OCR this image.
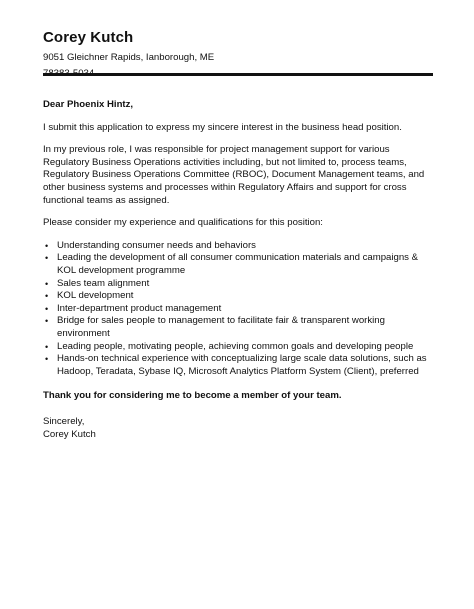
Corey Kutch
9051 Gleichner Rapids, Ianborough, ME
Dear Phoenix Hintz,

I submit this application to express my sincere interest in the business head position.

In my previous role, I was responsible for project management support for various Regulatory Business Operations activities including, but not limited to, process teams, Regulatory Business Operations Committee (RBOC), Document Management teams, and other business systems and processes within Regulatory Affairs and support for cross functional teams as assigned.

Please consider my experience and qualifications for this position:

• Understanding consumer needs and behaviors
• Leading the development of all consumer communication materials and campaigns & KOL development programme
• Sales team alignment
• KOL development
• Inter-department product management
• Bridge for sales people to management to facilitate fair & transparent working environment
• Leading people, motivating people, achieving common goals and developing people
• Hands-on technical experience with conceptualizing large scale data solutions, such as Hadoop, Teradata, Sybase IQ, Microsoft Analytics Platform System (Client), preferred
Thank you for considering me to become a member of your team.
Sincerely,
Corey Kutch
